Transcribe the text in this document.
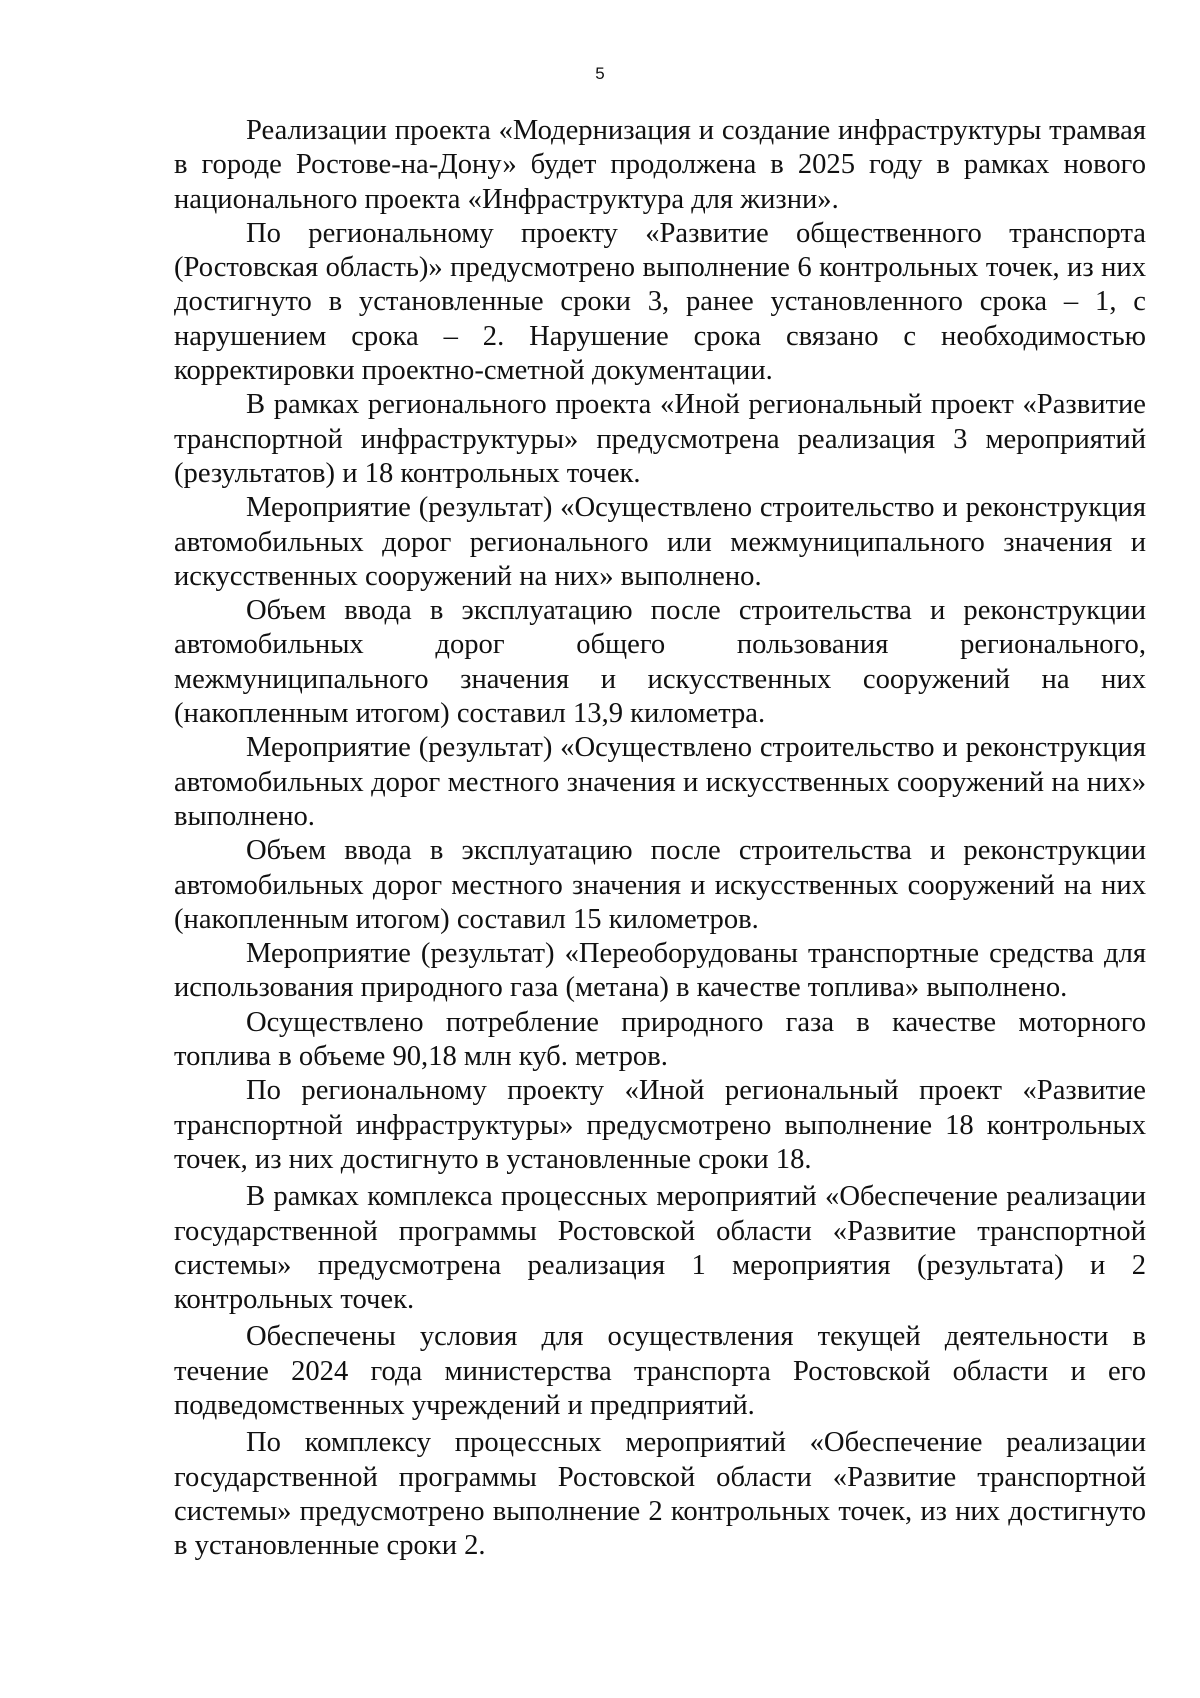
5

Реализации проекта «Модернизация и создание инфраструктуры трамвая в городе Ростове-на-Дону» будет продолжена в 2025 году в рамках нового национального проекта «Инфраструктура для жизни».

По региональному проекту «Развитие общественного транспорта (Ростовская область)» предусмотрено выполнение 6 контрольных точек, из них достигнуто в установленные сроки 3, ранее установленного срока – 1, с нарушением срока – 2. Нарушение срока связано с необходимостью корректировки проектно-сметной документации.

В рамках регионального проекта «Иной региональный проект «Развитие транспортной инфраструктуры» предусмотрена реализация 3 мероприятий (результатов) и 18 контрольных точек.

Мероприятие (результат) «Осуществлено строительство и реконструкция автомобильных дорог регионального или межмуниципального значения и искусственных сооружений на них» выполнено.

Объем ввода в эксплуатацию после строительства и реконструкции автомобильных дорог общего пользования регионального, межмуниципального значения и искусственных сооружений на них (накопленным итогом) составил 13,9 километра.

Мероприятие (результат) «Осуществлено строительство и реконструкция автомобильных дорог местного значения и искусственных сооружений на них» выполнено.

Объем ввода в эксплуатацию после строительства и реконструкции автомобильных дорог местного значения и искусственных сооружений на них (накопленным итогом) составил 15 километров.

Мероприятие (результат) «Переоборудованы транспортные средства для использования природного газа (метана) в качестве топлива» выполнено.

Осуществлено потребление природного газа в качестве моторного топлива в объеме 90,18 млн куб. метров.

По региональному проекту «Иной региональный проект «Развитие транспортной инфраструктуры» предусмотрено выполнение 18 контрольных точек, из них достигнуто в установленные сроки 18.

В рамках комплекса процессных мероприятий «Обеспечение реализации государственной программы Ростовской области «Развитие транспортной системы» предусмотрена реализация 1 мероприятия (результата) и 2 контрольных точек.

Обеспечены условия для осуществления текущей деятельности в течение 2024 года министерства транспорта Ростовской области и его подведомственных учреждений и предприятий.

По комплексу процессных мероприятий «Обеспечение реализации государственной программы Ростовской области «Развитие транспортной системы» предусмотрено выполнение 2 контрольных точек, из них достигнуто в установленные сроки 2.
